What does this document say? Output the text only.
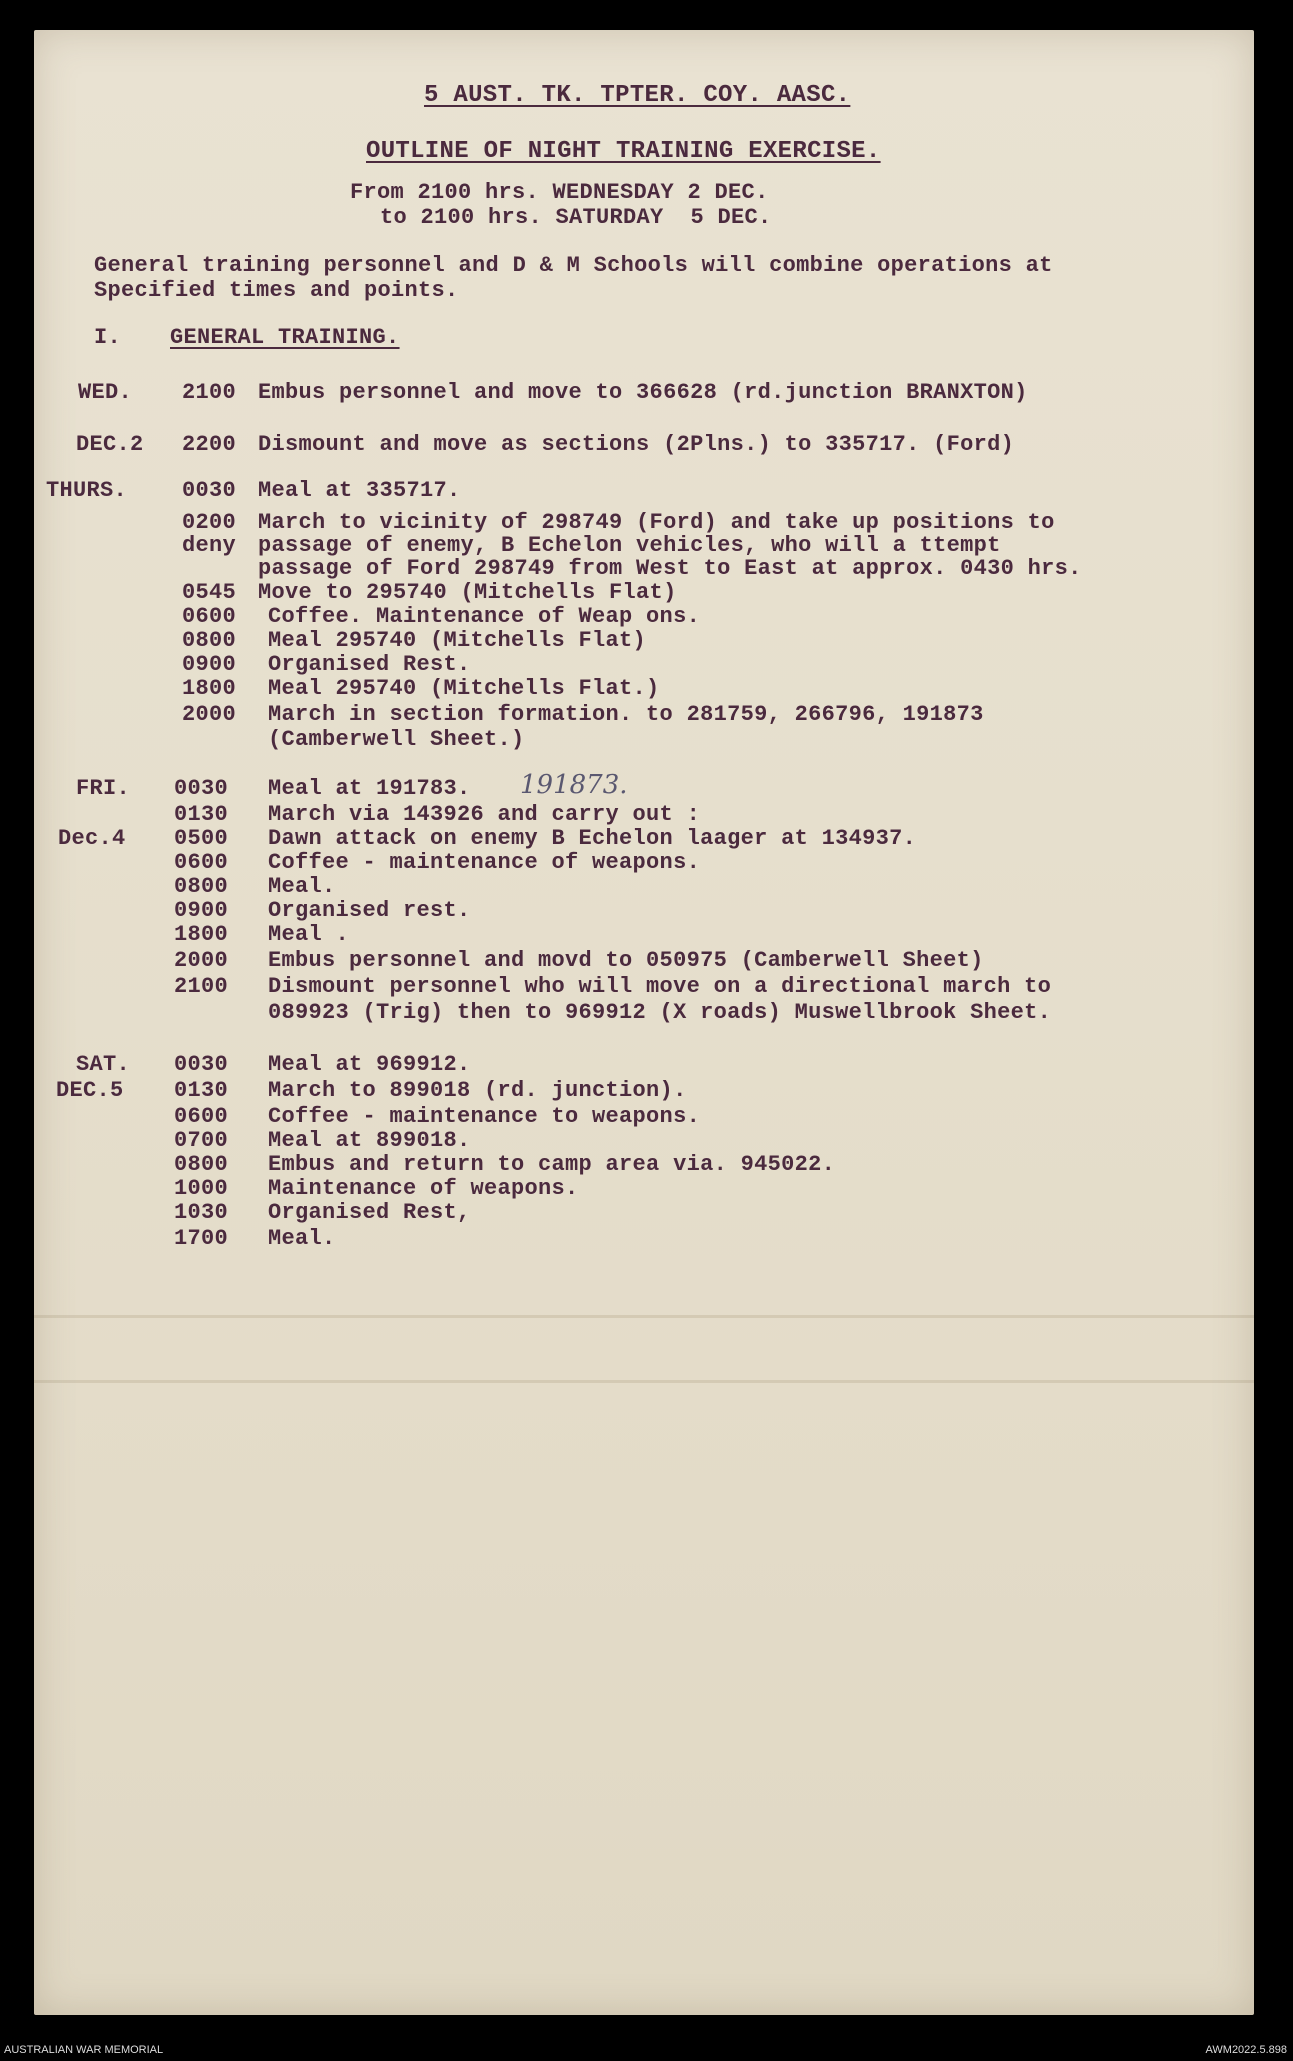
5 AUST. TK. TPTER. COY. AASC.
OUTLINE OF NIGHT TRAINING EXERCISE.
From 2100 hrs. WEDNESDAY 2 DEC.
to 2100 hrs. SATURDAY  5 DEC.
General training personnel and D & M Schools will combine operations at
Specified times and points.
I. GENERAL TRAINING.
WED. 2100 Embus personnel and move to 366628 (rd.junction BRANXTON)
DEC.2 2200 Dismount and move as sections (2Plns.) to 335717. (Ford)
THURS. 0030 Meal at 335717.
0200 March to vicinity of 298749 (Ford) and take up positions to
deny passage of enemy, B Echelon vehicles, who will a ttempt
passage of Ford 298749 from West to East at approx. 0430 hrs.
0545 Move to 295740 (Mitchells Flat)
0600 Coffee. Maintenance of Weap ons.
0800 Meal 295740 (Mitchells Flat)
0900 Organised Rest.
1800 Meal 295740 (Mitchells Flat.)
2000 March in section formation. to 281759, 266796, 191873
(Camberwell Sheet.)
FRI. 0030 Meal at 191783. 191873.
0130 March via 143926 and carry out :
Dec.4 0500 Dawn attack on enemy B Echelon laager at 134937.
0600 Coffee - maintenance of weapons.
0800 Meal.
0900 Organised rest.
1800 Meal .
2000 Embus personnel and movd to 050975 (Camberwell Sheet)
2100 Dismount personnel who will move on a directional march to
089923 (Trig) then to 969912 (X roads) Muswellbrook Sheet.
SAT. 0030 Meal at 969912.
DEC.5 0130 March to 899018 (rd. junction).
0600 Coffee - maintenance to weapons.
0700 Meal at 899018.
0800 Embus and return to camp area via. 945022.
1000 Maintenance of weapons.
1030 Organised Rest,
1700 Meal.
AUSTRALIAN WAR MEMORIAL	AWM2022.5.898
